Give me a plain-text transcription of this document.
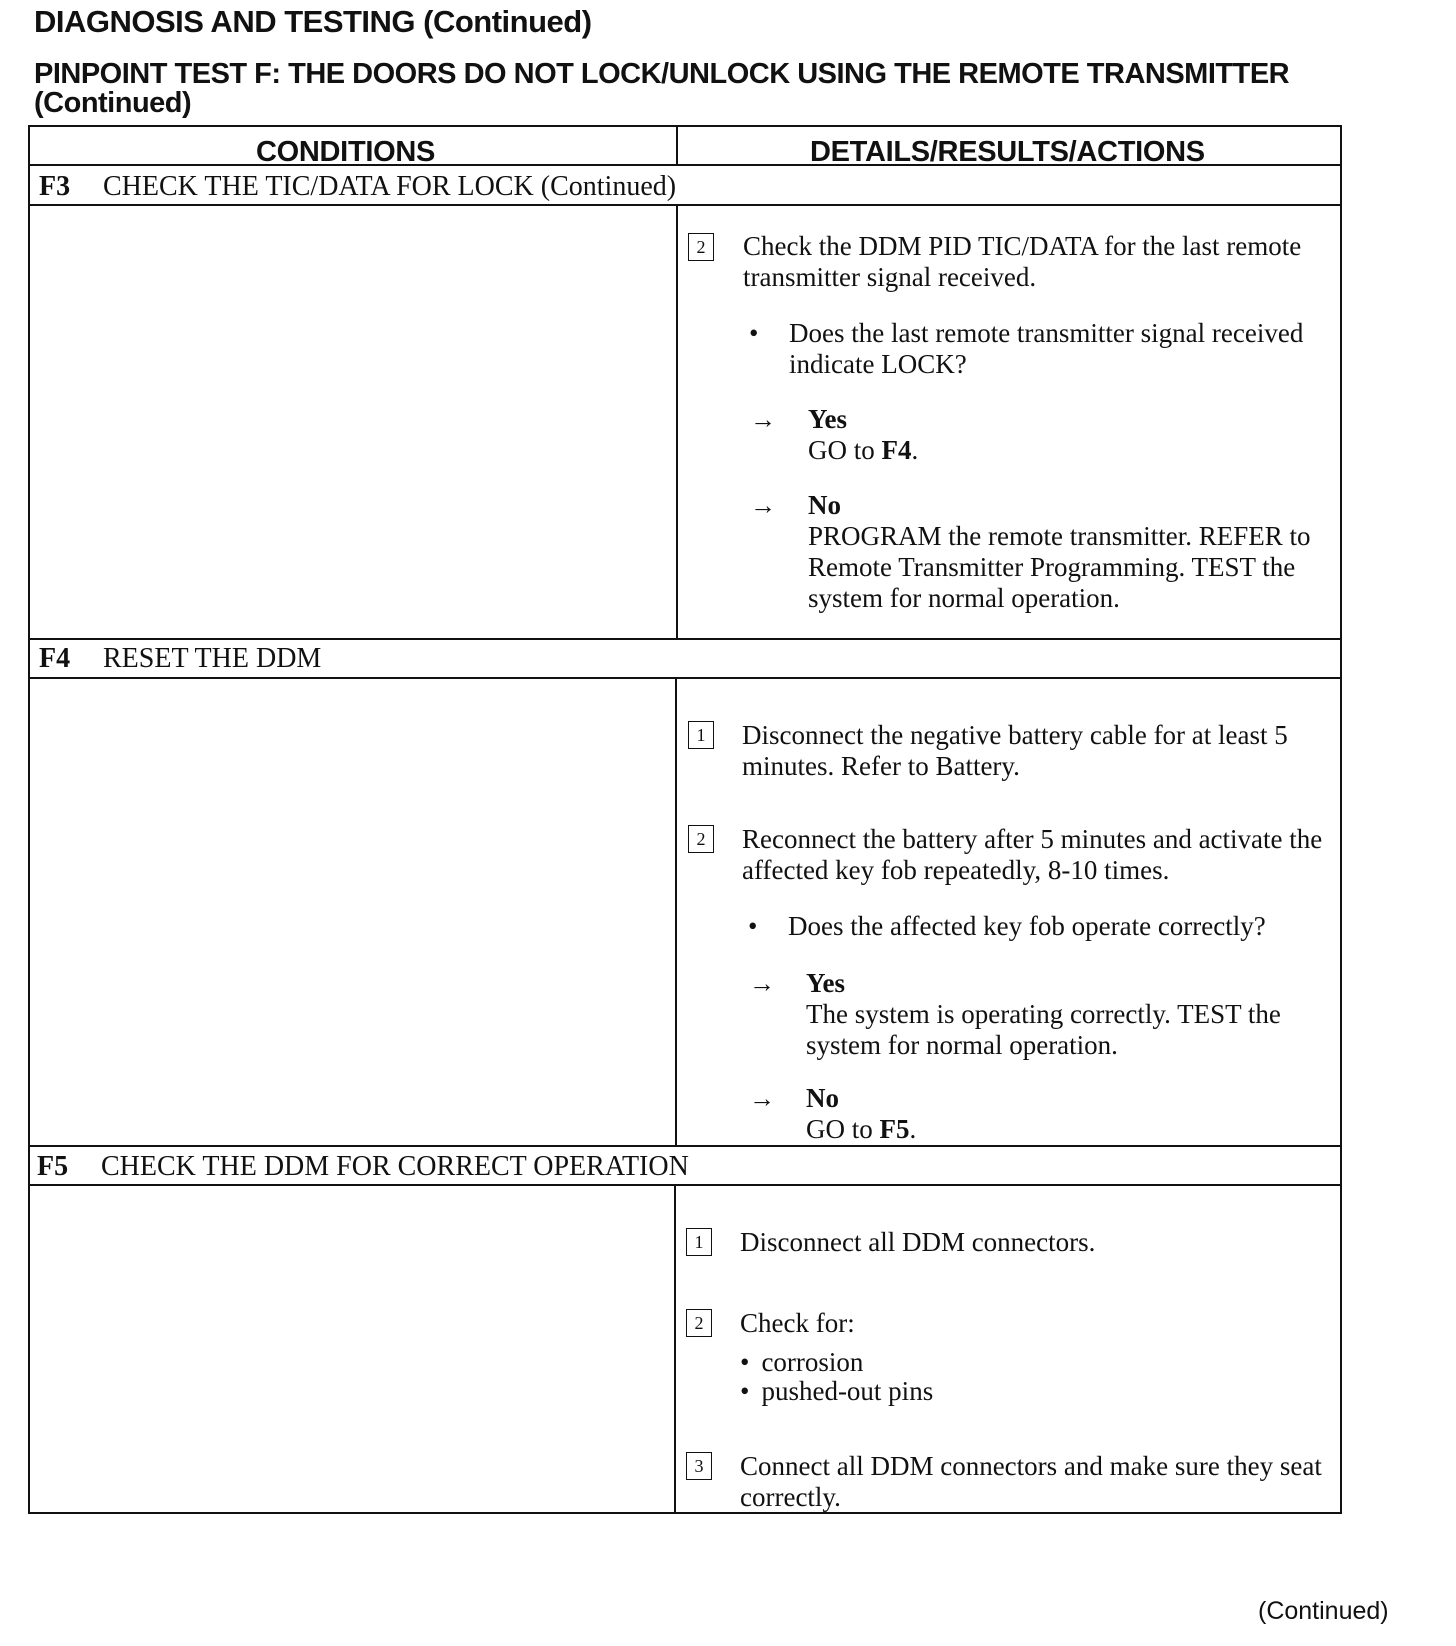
DIAGNOSIS AND TESTING (Continued)
PINPOINT TEST F: THE DOORS DO NOT LOCK/UNLOCK USING THE REMOTE TRANSMITTER
(Continued)
CONDITIONS	DETAILS/RESULTS/ACTIONS
F3 CHECK THE TIC/DATA FOR LOCK (Continued)
2	Check the DDM PID TIC/DATA for the last remote transmitter signal received.
• Does the last remote transmitter signal received indicate LOCK?
→ Yes
GO to F4.
→ No
PROGRAM the remote transmitter. REFER to Remote Transmitter Programming. TEST the system for normal operation.
F4 RESET THE DDM
1	Disconnect the negative battery cable for at least 5 minutes. Refer to Battery.
2	Reconnect the battery after 5 minutes and activate the affected key fob repeatedly, 8-10 times.
• Does the affected key fob operate correctly?
→ Yes
The system is operating correctly. TEST the system for normal operation.
→ No
GO to F5.
F5 CHECK THE DDM FOR CORRECT OPERATION
1	Disconnect all DDM connectors.
2	Check for:
• corrosion
• pushed-out pins
3	Connect all DDM connectors and make sure they seat correctly.
(Continued)
